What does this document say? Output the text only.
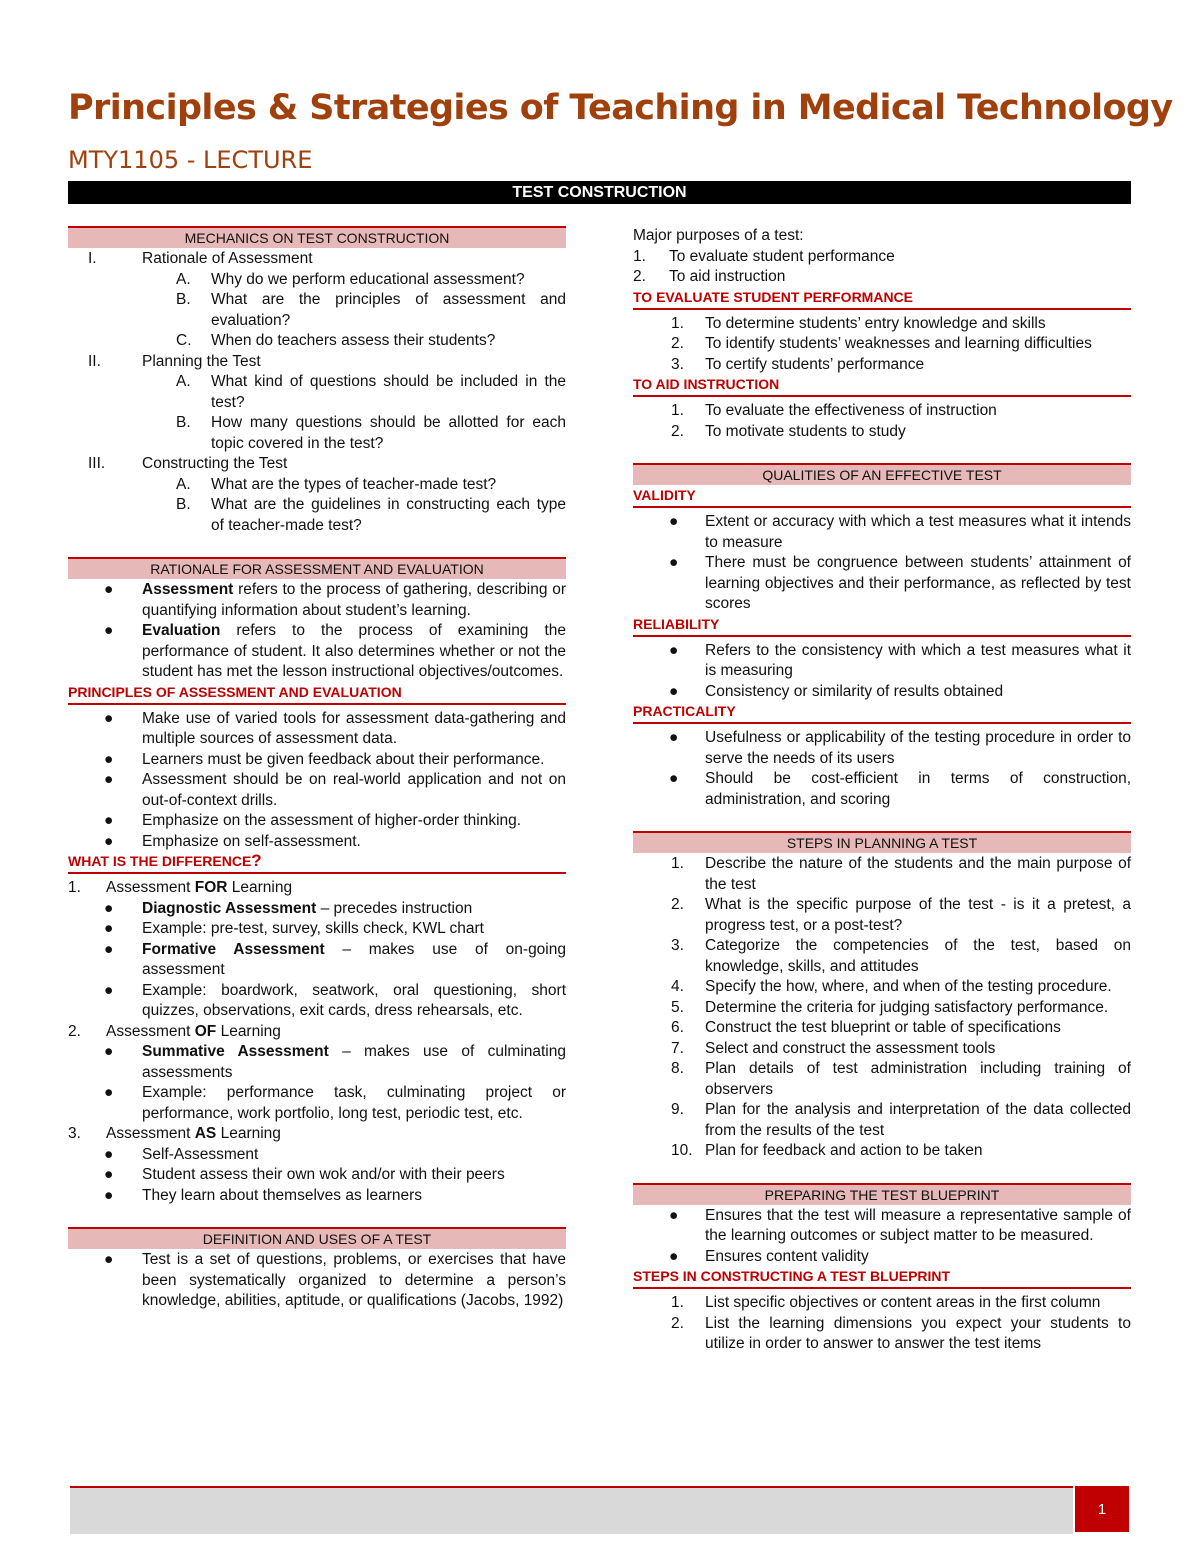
Principles & Strategies of Teaching in Medical Technology
MTY1105 - LECTURE
TEST CONSTRUCTION
MECHANICS ON TEST CONSTRUCTION
I.	Rationale of Assessment
A.	Why do we perform educational assessment?
B.	What are the principles of assessment and evaluation?
C.	When do teachers assess their students?
II.	Planning the Test
A.	What kind of questions should be included in the test?
B.	How many questions should be allotted for each topic covered in the test?
III.	Constructing the Test
A.	What are the types of teacher-made test?
B.	What are the guidelines in constructing each type of teacher-made test?
RATIONALE FOR ASSESSMENT AND EVALUATION
●	Assessment refers to the process of gathering, describing or quantifying information about student’s learning.
●	Evaluation refers to the process of examining the performance of student. It also determines whether or not the student has met the lesson instructional objectives/outcomes.
PRINCIPLES OF ASSESSMENT AND EVALUATION
●	Make use of varied tools for assessment data-gathering and multiple sources of assessment data.
●	Learners must be given feedback about their performance.
●	Assessment should be on real-world application and not on out-of-context drills.
●	Emphasize on the assessment of higher-order thinking.
●	Emphasize on self-assessment.
WHAT IS THE DIFFERENCE?
1.	Assessment FOR Learning
●	Diagnostic Assessment – precedes instruction
●	Example: pre-test, survey, skills check, KWL chart
●	Formative Assessment – makes use of on-going assessment
●	Example: boardwork, seatwork, oral questioning, short quizzes, observations, exit cards, dress rehearsals, etc.
2.	Assessment OF Learning
●	Summative Assessment – makes use of culminating assessments
●	Example: performance task, culminating project or performance, work portfolio, long test, periodic test, etc.
3.	Assessment AS Learning
●	Self-Assessment
●	Student assess their own wok and/or with their peers
●	They learn about themselves as learners
DEFINITION AND USES OF A TEST
●	Test is a set of questions, problems, or exercises that have been systematically organized to determine a person’s knowledge, abilities, aptitude, or qualifications (Jacobs, 1992)

Major purposes of a test:

1.	To evaluate student performance
2.	To aid instruction
TO EVALUATE STUDENT PERFORMANCE
1.	To determine students’ entry knowledge and skills
2.	To identify students’ weaknesses and learning difficulties
3.	To certify students’ performance
TO AID INSTRUCTION
1.	To evaluate the effectiveness of instruction
2.	To motivate students to study
QUALITIES OF AN EFFECTIVE TEST
VALIDITY
●	Extent or accuracy with which a test measures what it intends to measure
●	There must be congruence between students’ attainment of learning objectives and their performance, as reflected by test scores
RELIABILITY
●	Refers to the consistency with which a test measures what it is measuring
●	Consistency or similarity of results obtained
PRACTICALITY
●	Usefulness or applicability of the testing procedure in order to serve the needs of its users
●	Should be cost-efficient in terms of construction, administration, and scoring
STEPS IN PLANNING A TEST
1.	Describe the nature of the students and the main purpose of the test
2.	What is the specific purpose of the test - is it a pretest, a progress test, or a post-test?
3.	Categorize the competencies of the test, based on knowledge, skills, and attitudes
4.	Specify the how, where, and when of the testing procedure.
5.	Determine the criteria for judging satisfactory performance.
6.	Construct the test blueprint or table of specifications
7.	Select and construct the assessment tools
8.	Plan details of test administration including training of observers
9.	Plan for the analysis and interpretation of the data collected from the results of the test
10. Plan for feedback and action to be taken
PREPARING THE TEST BLUEPRINT
●	Ensures that the test will measure a representative sample of the learning outcomes or subject matter to be measured.
●	Ensures content validity
STEPS IN CONSTRUCTING A TEST BLUEPRINT
1.	List specific objectives or content areas in the first column
2.	List the learning dimensions you expect your students to utilize in order to answer to answer the test items
1
